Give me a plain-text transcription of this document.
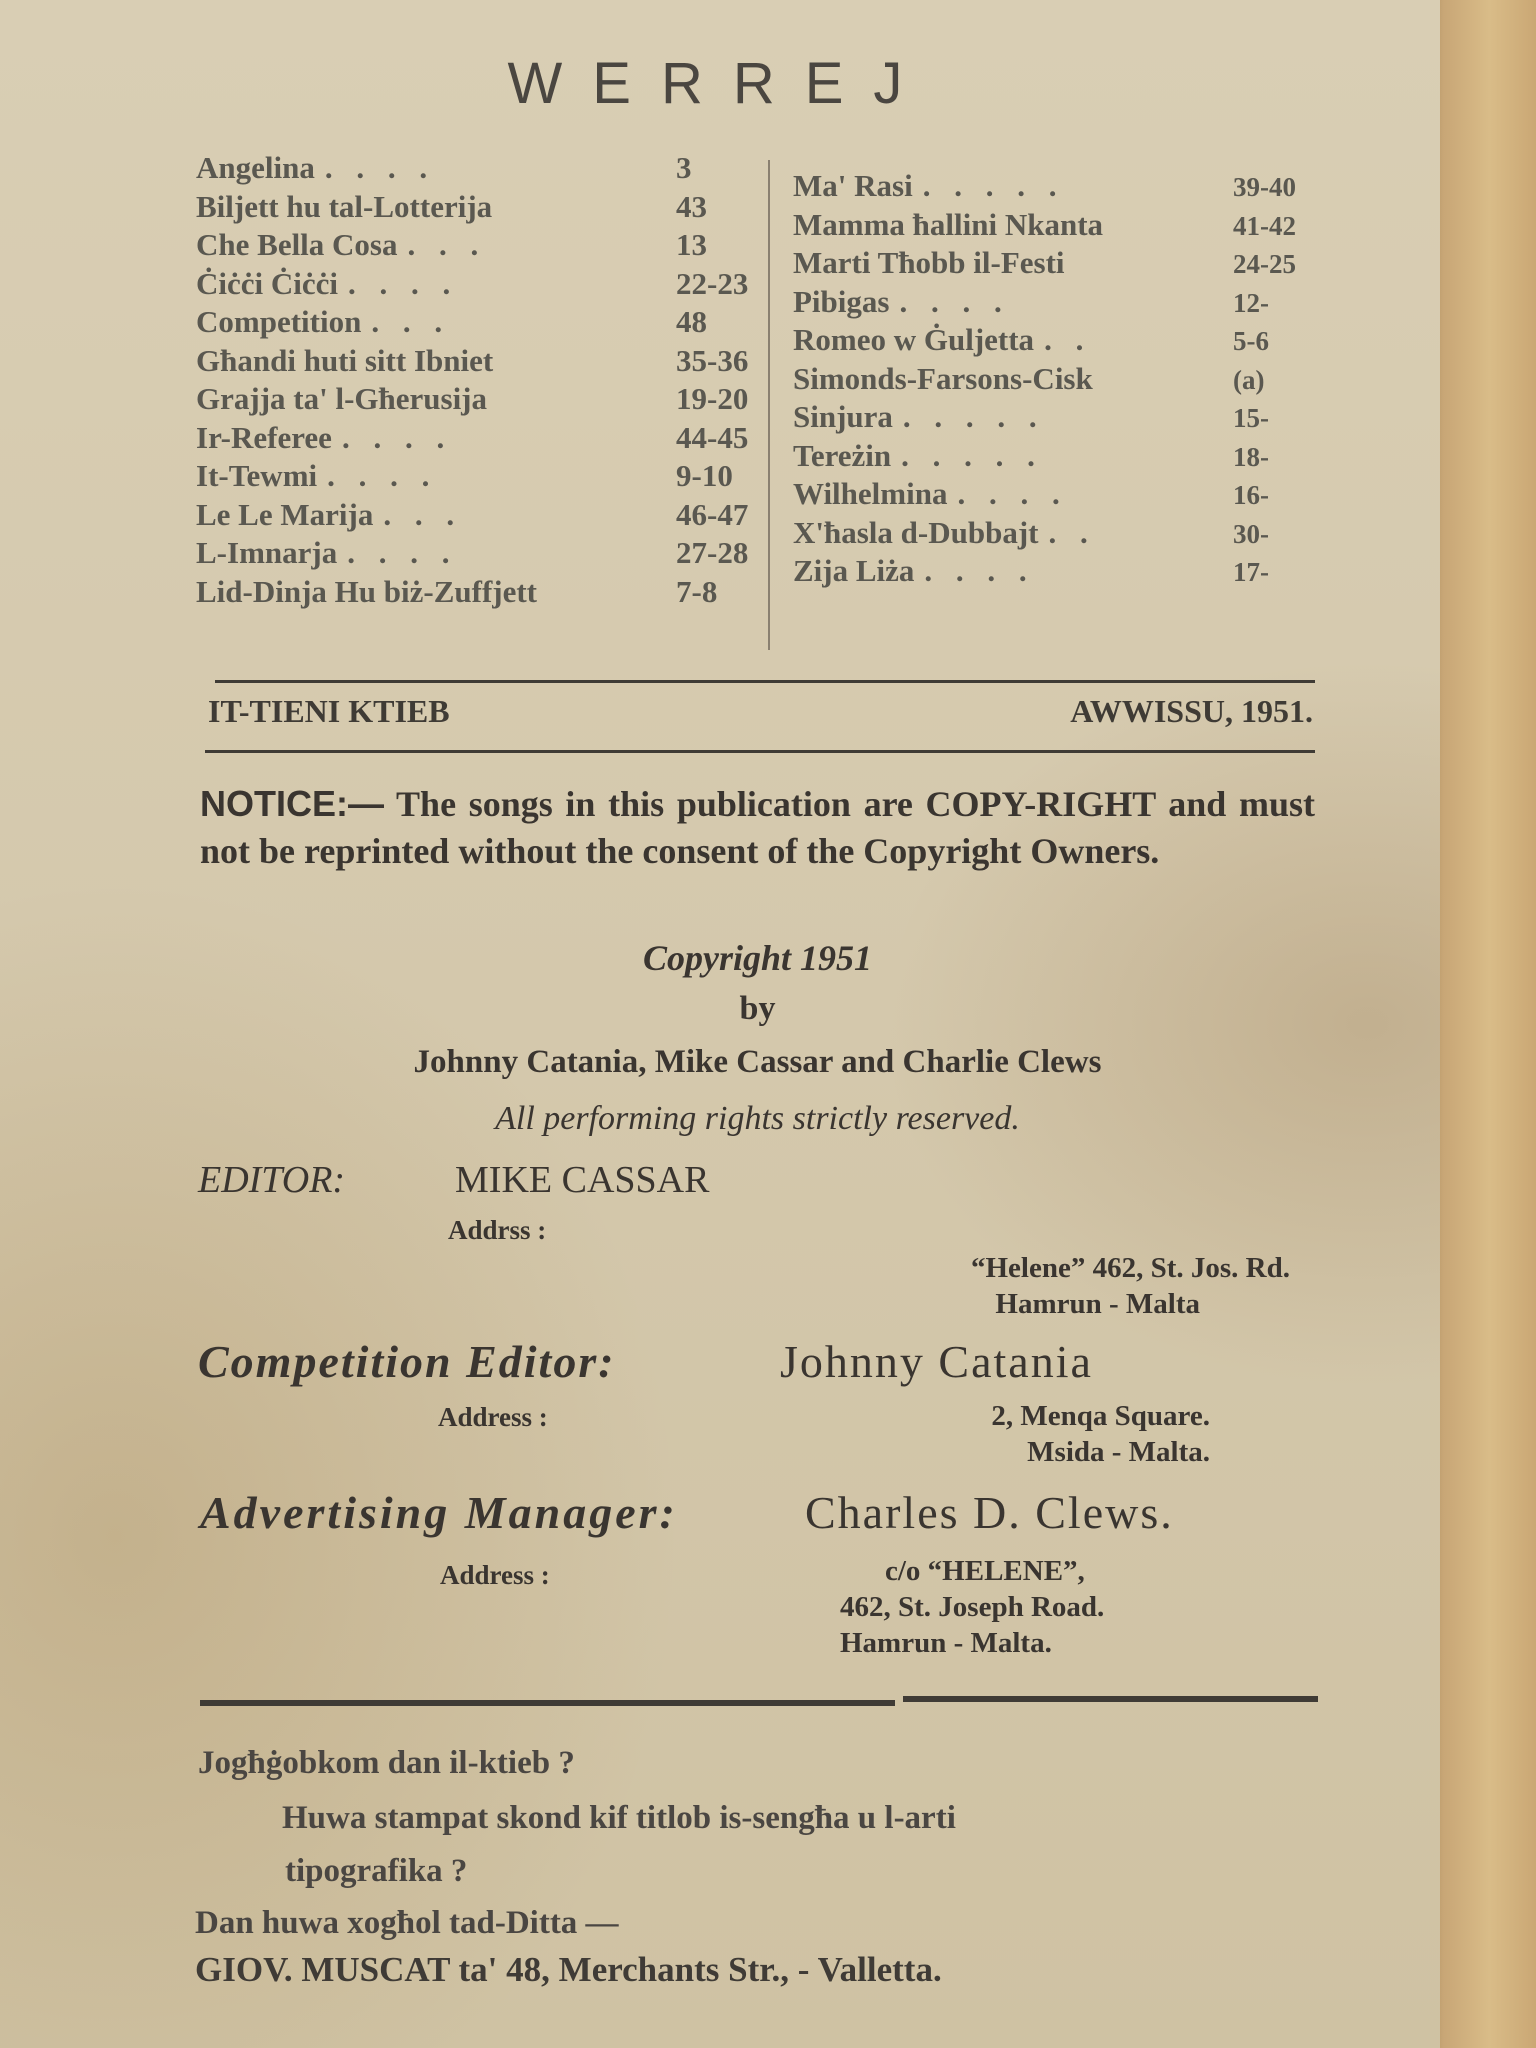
WERREJ
Angelina . . . .	3
Biljett hu tal-Lotterija	43
Che Bella Cosa . . .	13
Ċiċċi Ċiċċi . . . .	22-23
Competition . . .	48
Għandi huti sitt Ibniet	35-36
Grajja ta' l-Għerusija	19-20
Ir-Referee . . . .	44-45
It-Tewmi . . . .	9-10
Le Le Marija . . .	46-47
L-Imnarja . . . .	27-28
Lid-Dinja Hu biż-Zuffjett	7-8
Ma' Rasi . . . . .	39-40
Mamma ħallini Nkanta	41-42
Marti Tħobb il-Festi	24-25
Pibigas . . . .	12-
Romeo w Ġuljetta . .	5-6
Simonds-Farsons-Cisk	(a)
Sinjura . . . . .	15-
Tereżin . . . . .	18-
Wilhelmina . . . .	16-
X'ħasla d-Dubbajt . .	30-
Zija Liża . . . .	17-
IT-TIENI KTIEB	AWWISSU, 1951.
NOTICE:— The songs in this publication are COPY-RIGHT and must not be reprinted without the consent of the Copyright Owners.
Copyright 1951
by
Johnny Catania, Mike Cassar and Charlie Clews
All performing rights strictly reserved.
EDITOR:	MIKE CASSAR
Addrss :
“Helene” 462, St. Jos. Rd.
Hamrun - Malta
Competition Editor:	Johnny Catania
Address :	2, Menqa Square.
Msida - Malta.
Advertising Manager:	Charles D. Clews.
Address :	c/o “HELENE”,
462, St. Joseph Road.
Hamrun - Malta.
Jogħġobkom dan il-ktieb ?
Huwa stampat skond kif titlob is-sengħa u l-arti
tipografika ?
Dan huwa xogħol tad-Ditta —
GIOV. MUSCAT ta' 48, Merchants Str., - Valletta.
